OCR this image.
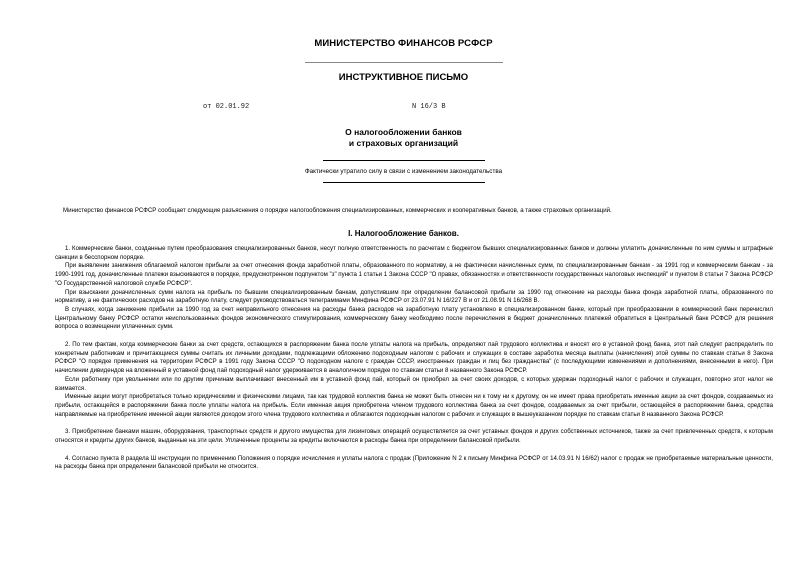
МИНИСТЕРСТВО ФИНАНСОВ РСФСР
ИНСТРУКТИВНОЕ ПИСЬМО
от 02.01.92	N 16/3 В
О налогообложении банков
и страховых организаций
Фактически утратило силу в связи с изменением законодательства
Министерство финансов РСФСР сообщает следующие разъяснения о порядке налогообложения специализированных, коммерческих и кооперативных банков, а также страховых организаций.
I. Налогообложение банков.

1. Коммерческие банки, созданные путем преобразования специализированных банков, несут полную ответственность по расчетам с бюджетом бывших специализированных банков и должны уплатить доначисленные по ним суммы и штрафные санкции в бесспорном порядке.

При выявлении занижения облагаемой налогом прибыли за счет отнесения фонда заработной платы, образованного по нормативу, а не фактически начисленных сумм, по специализированным банкам - за 1991 год и коммерческим банкам - за 1990-1991 год, доначисленные платежи взыскиваются в порядке, предусмотренном подпунктом "з" пункта 1 статьи 1 Закона СССР "О правах, обязанностях и ответственности государственных налоговых инспекций" и пунктом 8 статьи 7 Закона РСФСР "О Государственной налоговой службе РСФСР".

При взыскании доначисленных сумм налога на прибыль по бывшим специализированным банкам, допустившим при определении балансовой прибыли за 1990 год отнесение на расходы банка фонда заработной платы, образованного по нормативу, а не фактических расходов на заработную плату, следует руководствоваться телеграммами Минфина РСФСР от 23.07.91 N 16/227 В и от 21.08.91 N 16/268 В.

В случаях, когда занижение прибыли за 1990 год за счет неправильного отнесения на расходы банка расходов на заработную плату установлено в специализированном банке, который при преобразовании в коммерческий банк перечислил Центральному банку РСФСР остатки неиспользованных фондов экономического стимулирования, коммерческому банку необходимо после перечисления в бюджет доначисленных платежей обратиться в Центральный банк РСФСР для решения вопроса о возмещении уплаченных сумм.

2. По тем фактам, когда коммерческие банки за счет средств, остающихся в распоряжении банка после уплаты налога на прибыль, определяют пай трудового коллектива и вносят его в уставной фонд банка, этот пай следует распределить по конкретным работникам и причитающиеся суммы считать их личными доходами, подлежащими обложению подоходным налогом с рабочих и служащих в составе заработка месяца выплаты (начисления) этой суммы по ставкам статьи 8 Закона РСФСР "О порядке применения на территории РСФСР в 1991 году Закона СССР "О подоходном налоге с граждан СССР, иностранных граждан и лиц без гражданства" (с последующими изменениями и дополнениями, внесенными в него). При начислении дивидендов на вложенный в уставной фонд пай подоходный налог удерживается в аналогичном порядке по ставкам статьи 8 названного Закона РСФСР.

Если работнику при увольнении или по другим причинам выплачивают внесенный им в уставной фонд пай, который он приобрел за счет своих доходов, с которых удержан подоходный налог с рабочих и служащих, повторно этот налог не взимается.

Именные акции могут приобретаться только юридическими и физическими лицами, так как трудовой коллектив банка не может быть отнесен ни к тому ни к другому, он не имеет права приобретать именные акции за счет фондов, создаваемых из прибыли, остающейся в распоряжении банка после уплаты налога на прибыль. Если именная акция приобретена членом трудового коллектива банка за счет фондов, создаваемых за счет прибыли, остающейся в распоряжении банка, средства направляемые на приобретение именной акции являются доходом этого члена трудового коллектива и облагаются подоходным налогом с рабочих и служащих в вышеуказанном порядке по ставкам статьи 8 названного Закона РСФСР.

3. Приобретение банками машин, оборудования, транспортных средств и другого имущества для лизинговых операций осуществляется за счет уставных фондов и других собственных источников, также за счет привлеченных средств, к которым относятся и кредиты других банков, выданные на эти цели. Уплаченные проценты за кредиты включаются в расходы банка при определении балансовой прибыли.

4. Согласно пункта 8 раздела Ш инструкции по применению Положения о порядке исчисления и уплаты налога с продаж (Приложение N 2 к письму Минфина РСФСР от 14.03.91 N 16/62) налог с продаж не приобретаемые материальные ценности, на расходы банка при определении балансовой прибыли не относится.
